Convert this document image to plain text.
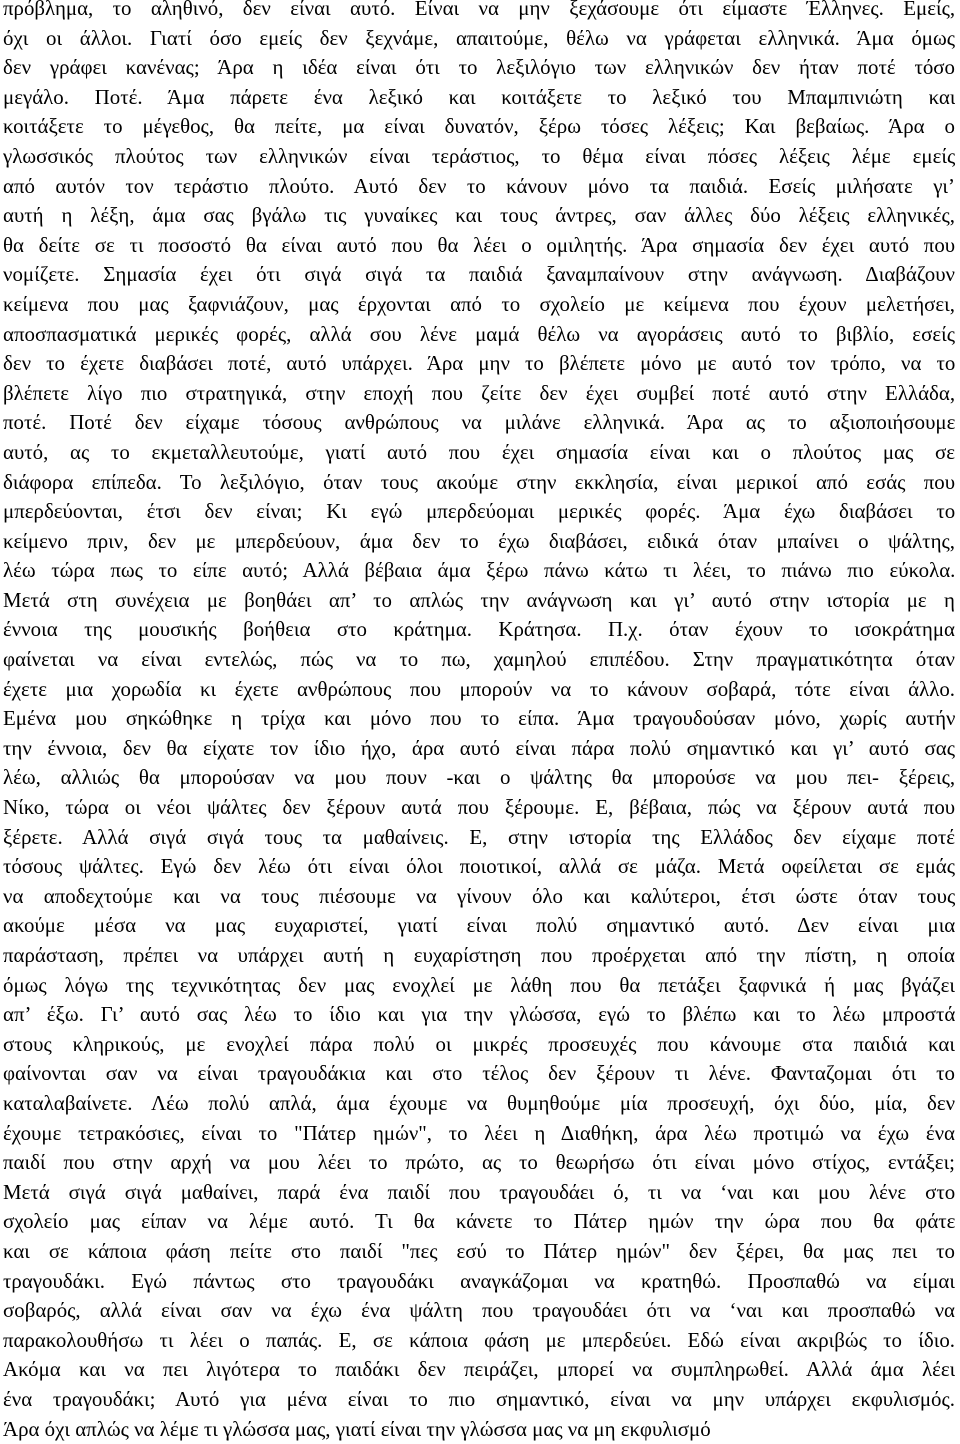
πρόβλημα, το αληθινό, δεν είναι αυτό. Είναι να μην ξεχάσουμε ότι είμαστε Έλληνες. Εμείς,
όχι οι άλλοι. Γιατί όσο εμείς δεν ξεχνάμε, απαιτούμε, θέλω να γράφεται ελληνικά. Άμα όμως
δεν γράφει κανένας; Άρα η ιδέα είναι ότι το λεξιλόγιο των ελληνικών δεν ήταν ποτέ τόσο
μεγάλο. Ποτέ. Άμα πάρετε ένα λεξικό και κοιτάξετε το λεξικό του Μπαμπινιώτη και
κοιτάξετε το μέγεθος, θα πείτε, μα είναι δυνατόν, ξέρω τόσες λέξεις; Και βεβαίως. Άρα ο
γλωσσικός πλούτος των ελληνικών είναι τεράστιος, το θέμα είναι πόσες λέξεις λέμε εμείς
από αυτόν τον τεράστιο πλούτο. Αυτό δεν το κάνουν μόνο τα παιδιά. Εσείς μιλήσατε γι’
αυτή η λέξη, άμα σας βγάλω τις γυναίκες και τους άντρες, σαν άλλες δύο λέξεις ελληνικές,
θα δείτε σε τι ποσοστό θα είναι αυτό που θα λέει ο ομιλητής. Άρα σημασία δεν έχει αυτό που
νομίζετε. Σημασία έχει ότι σιγά σιγά τα παιδιά ξαναμπαίνουν στην ανάγνωση. Διαβάζουν
κείμενα που μας ξαφνιάζουν, μας έρχονται από το σχολείο με κείμενα που έχουν μελετήσει,
αποσπασματικά μερικές φορές, αλλά σου λένε μαμά θέλω να αγοράσεις αυτό το βιβλίο, εσείς
δεν το έχετε διαβάσει ποτέ, αυτό υπάρχει. Άρα μην το βλέπετε μόνο με αυτό τον τρόπο, να το
βλέπετε λίγο πιο στρατηγικά, στην εποχή που ζείτε δεν έχει συμβεί ποτέ αυτό στην Ελλάδα,
ποτέ. Ποτέ δεν είχαμε τόσους ανθρώπους να μιλάνε ελληνικά. Άρα ας το αξιοποιήσουμε
αυτό, ας το εκμεταλλευτούμε, γιατί αυτό που έχει σημασία είναι και ο πλούτος μας σε
διάφορα επίπεδα. Το λεξιλόγιο, όταν τους ακούμε στην εκκλησία, είναι μερικοί από εσάς που
μπερδεύονται, έτσι δεν είναι; Κι εγώ μπερδεύομαι μερικές φορές. Άμα έχω διαβάσει το
κείμενο πριν, δεν με μπερδεύουν, άμα δεν το έχω διαβάσει, ειδικά όταν μπαίνει ο ψάλτης,
λέω τώρα πως το είπε αυτό; Αλλά βέβαια άμα ξέρω πάνω κάτω τι λέει, το πιάνω πιο εύκολα.
Μετά στη συνέχεια με βοηθάει απ’ το απλώς την ανάγνωση και γι’ αυτό στην ιστορία με η
έννοια της μουσικής βοήθεια στο κράτημα. Κράτησα. Π.χ. όταν έχουν το ισοκράτημα
φαίνεται να είναι εντελώς, πώς να το πω, χαμηλού επιπέδου. Στην πραγματικότητα όταν
έχετε μια χορωδία κι έχετε ανθρώπους που μπορούν να το κάνουν σοβαρά, τότε είναι άλλο.
Εμένα μου σηκώθηκε η τρίχα και μόνο που το είπα. Άμα τραγουδούσαν μόνο, χωρίς αυτήν
την έννοια, δεν θα είχατε τον ίδιο ήχο, άρα αυτό είναι πάρα πολύ σημαντικό και γι’ αυτό σας
λέω, αλλιώς θα μπορούσαν να μου πουν -και ο ψάλτης θα μπορούσε να μου πει- ξέρεις,
Νίκο, τώρα οι νέοι ψάλτες δεν ξέρουν αυτά που ξέρουμε. Ε, βέβαια, πώς να ξέρουν αυτά που
ξέρετε. Αλλά σιγά σιγά τους τα μαθαίνεις. Ε, στην ιστορία της Ελλάδος δεν είχαμε ποτέ
τόσους ψάλτες. Εγώ δεν λέω ότι είναι όλοι ποιοτικοί, αλλά σε μάζα. Μετά οφείλεται σε εμάς
να αποδεχτούμε και να τους πιέσουμε να γίνουν όλο και καλύτεροι, έτσι ώστε όταν τους
ακούμε μέσα να μας ευχαριστεί, γιατί είναι πολύ σημαντικό αυτό. Δεν είναι μια
παράσταση, πρέπει να υπάρχει αυτή η ευχαρίστηση που προέρχεται από την πίστη, η οποία
όμως λόγω της τεχνικότητας δεν μας ενοχλεί με λάθη που θα πετάξει ξαφνικά ή μας βγάζει
απ’ έξω. Γι’ αυτό σας λέω το ίδιο και για την γλώσσα, εγώ το βλέπω και το λέω μπροστά
στους κληρικούς, με ενοχλεί πάρα πολύ οι μικρές προσευχές που κάνουμε στα παιδιά και
φαίνονται σαν να είναι τραγουδάκια και στο τέλος δεν ξέρουν τι λένε. Φανταζομαι ότι το
καταλαβαίνετε. Λέω πολύ απλά, άμα έχουμε να θυμηθούμε μία προσευχή, όχι δύο, μία, δεν
έχουμε τετρακόσιες, είναι το "Πάτερ ημών", το λέει η Διαθήκη, άρα λέω προτιμώ να έχω ένα
παιδί που στην αρχή να μου λέει το πρώτο, ας το θεωρήσω ότι είναι μόνο στίχος, εντάξει;
Μετά σιγά σιγά μαθαίνει, παρά ένα παιδί που τραγουδάει ό, τι να ‘ναι και μου λένε στο
σχολείο μας είπαν να λέμε αυτό. Τι θα κάνετε το Πάτερ ημών την ώρα που θα φάτε
και σε κάποια φάση πείτε στο παιδί "πες εσύ το Πάτερ ημών" δεν ξέρει, θα μας πει το
τραγουδάκι. Εγώ πάντως στο τραγουδάκι αναγκάζομαι να κρατηθώ. Προσπαθώ να είμαι
σοβαρός, αλλά είναι σαν να έχω ένα ψάλτη που τραγουδάει ότι να ‘ναι και προσπαθώ να
παρακολουθήσω τι λέει ο παπάς. Ε, σε κάποια φάση με μπερδεύει. Εδώ είναι ακριβώς το ίδιο.
Ακόμα και να πει λιγότερα το παιδάκι δεν πειράζει, μπορεί να συμπληρωθεί. Αλλά άμα λέει
ένα τραγουδάκι; Αυτό για μένα είναι το πιο σημαντικό, είναι να μην υπάρχει εκφυλισμός.
Άρα όχι απλώς να λέμε τι γλώσσα μας, γιατί είναι την γλώσσα μας να μη εκφυλισμό
